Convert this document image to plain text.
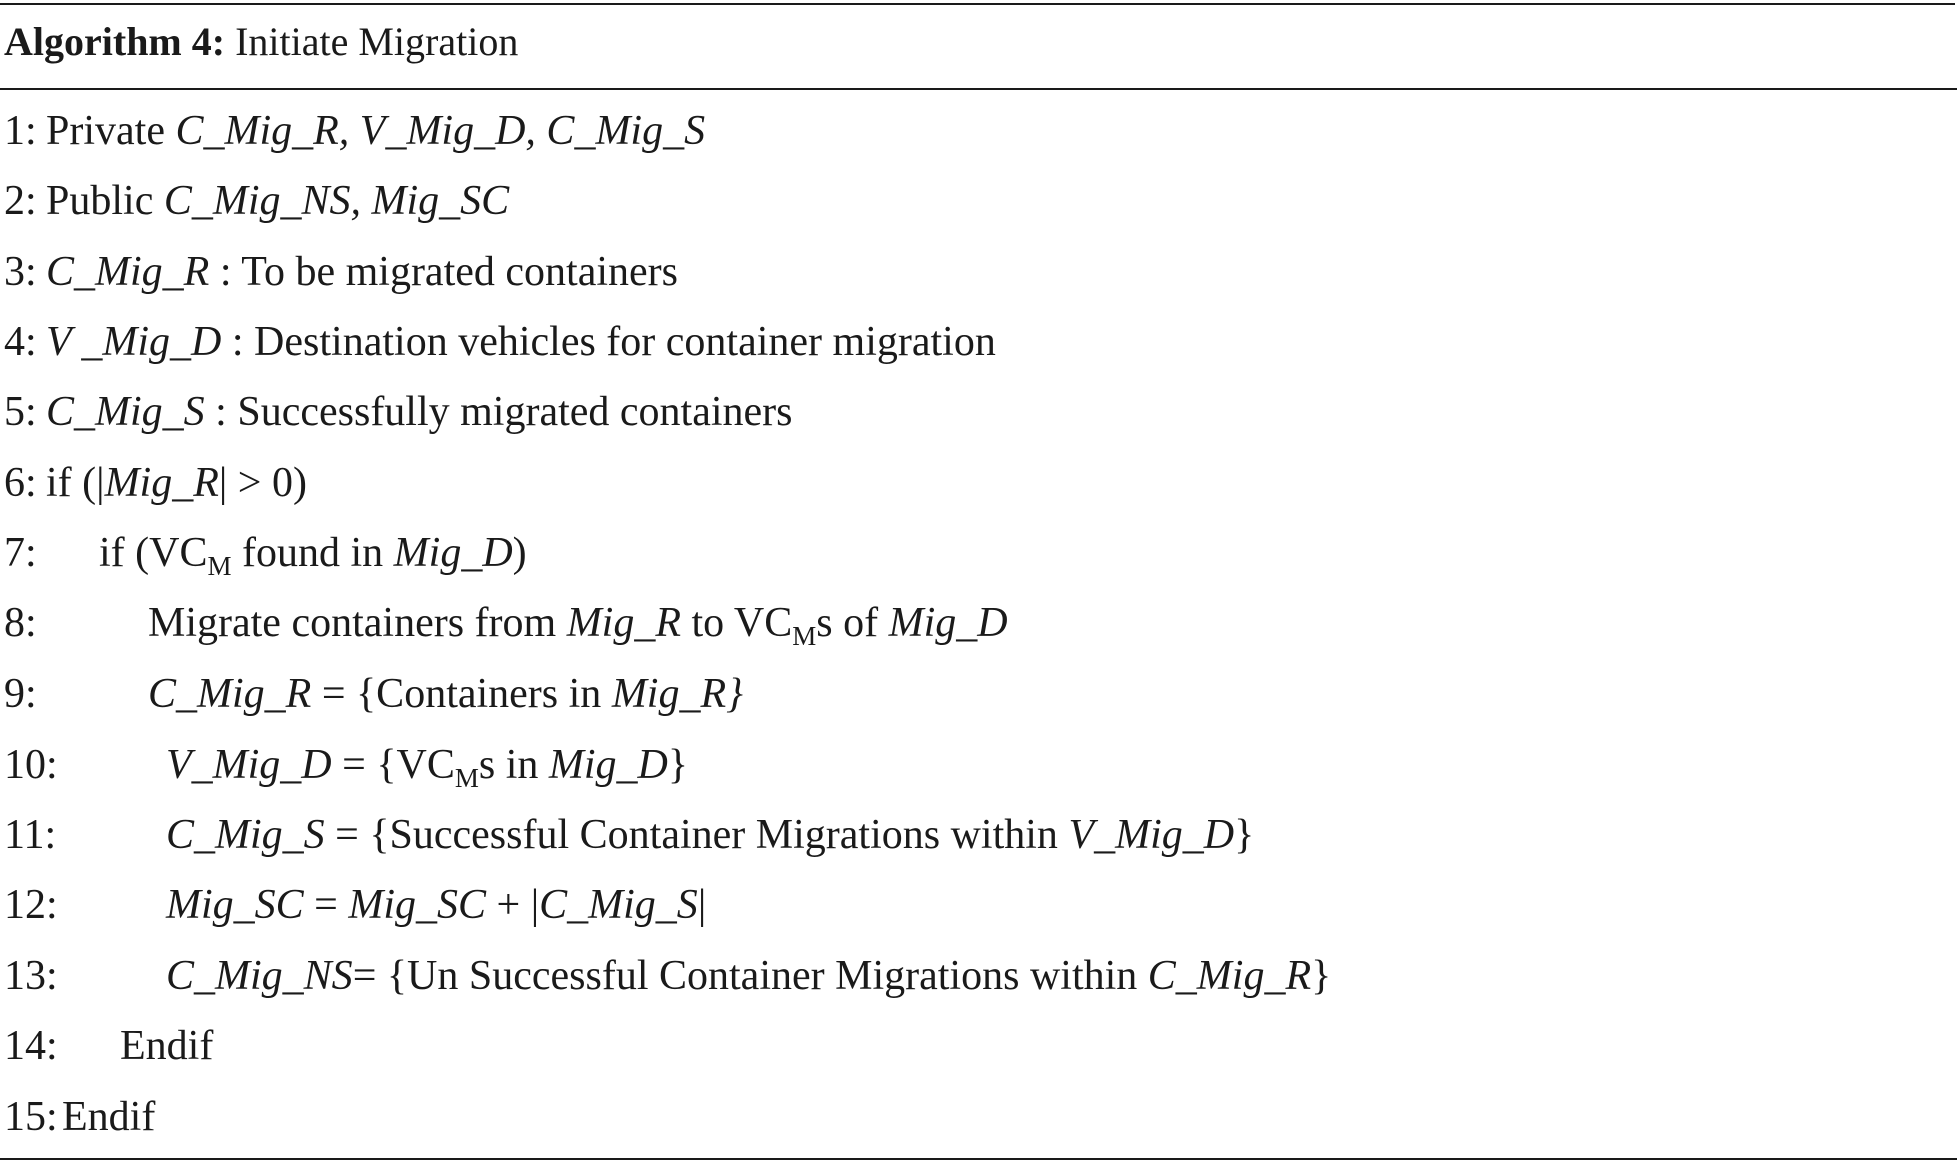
Algorithm 4: Initiate Migration
1: Private C_Mig_R, V_Mig_D, C_Mig_S
2: Public C_Mig_NS, Mig_SC
3: C_Mig_R : To be migrated containers
4: V _Mig_D : Destination vehicles for container migration
5: C_Mig_S : Successfully migrated containers
6: if (|Mig_R| > 0)
7: if ($VC_M$ found in Mig_D)
8:	Migrate containers from Mig_R to $VC_Ms$ of Mig_D
9:	C_Mig_R = {Containers in Mig_R}
10:	V_Mig_D = {$VC_Ms$ in Mig_D}
11:	C_Mig_S = {Successful Container Migrations within V_Mig_D}
12:	Mig_SC = Mig_SC + |C_Mig_S|
13:	C_Mig_NS= {Un Successful Container Migrations within C_Mig_R}
14: Endif
15: Endif
